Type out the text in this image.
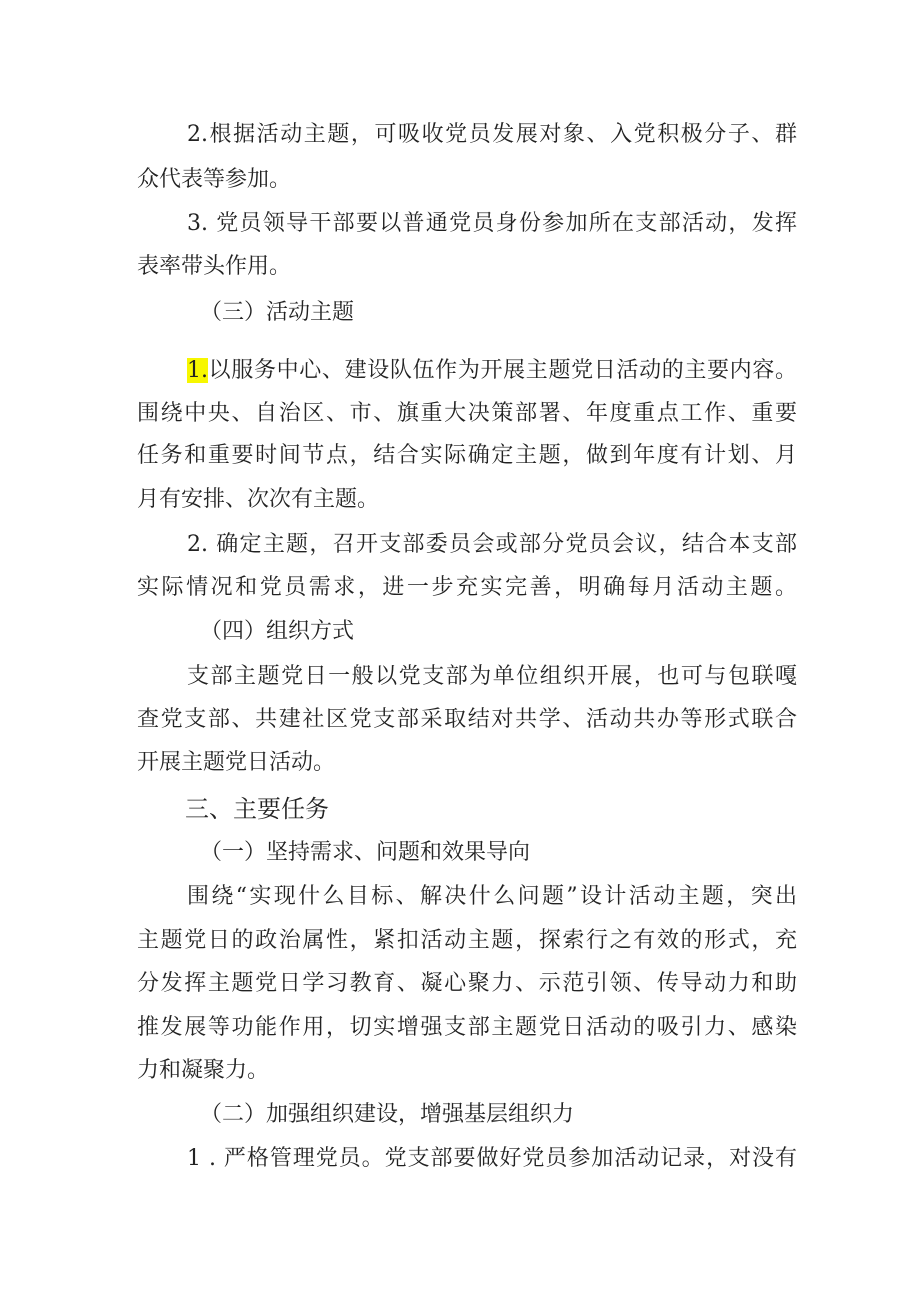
2.根据活动主题，可吸收党员发展对象、入党积极分子、群
众代表等参加。
3. 党员领导干部要以普通党员身份参加所在支部活动，发挥
表率带头作用。
（三）活动主题
1.以服务中心、建设队伍作为开展主题党日活动的主要内容。
围绕中央、自治区、市、旗重大决策部署、年度重点工作、重要
任务和重要时间节点，结合实际确定主题，做到年度有计划、月
月有安排、次次有主题。
2. 确定主题，召开支部委员会或部分党员会议，结合本支部
实际情况和党员需求，进一步充实完善，明确每月活动主题。
（四）组织方式
支部主题党日一般以党支部为单位组织开展，也可与包联嘎
查党支部、共建社区党支部采取结对共学、活动共办等形式联合
开展主题党日活动。
三、主要任务
（一）坚持需求、问题和效果导向
围绕“实现什么目标、解决什么问题”设计活动主题，突出
主题党日的政治属性，紧扣活动主题，探索行之有效的形式，充
分发挥主题党日学习教育、凝心聚力、示范引领、传导动力和助
推发展等功能作用，切实增强支部主题党日活动的吸引力、感染
力和凝聚力。
（二）加强组织建设，增强基层组织力
1 . 严格管理党员。党支部要做好党员参加活动记录，对没有
